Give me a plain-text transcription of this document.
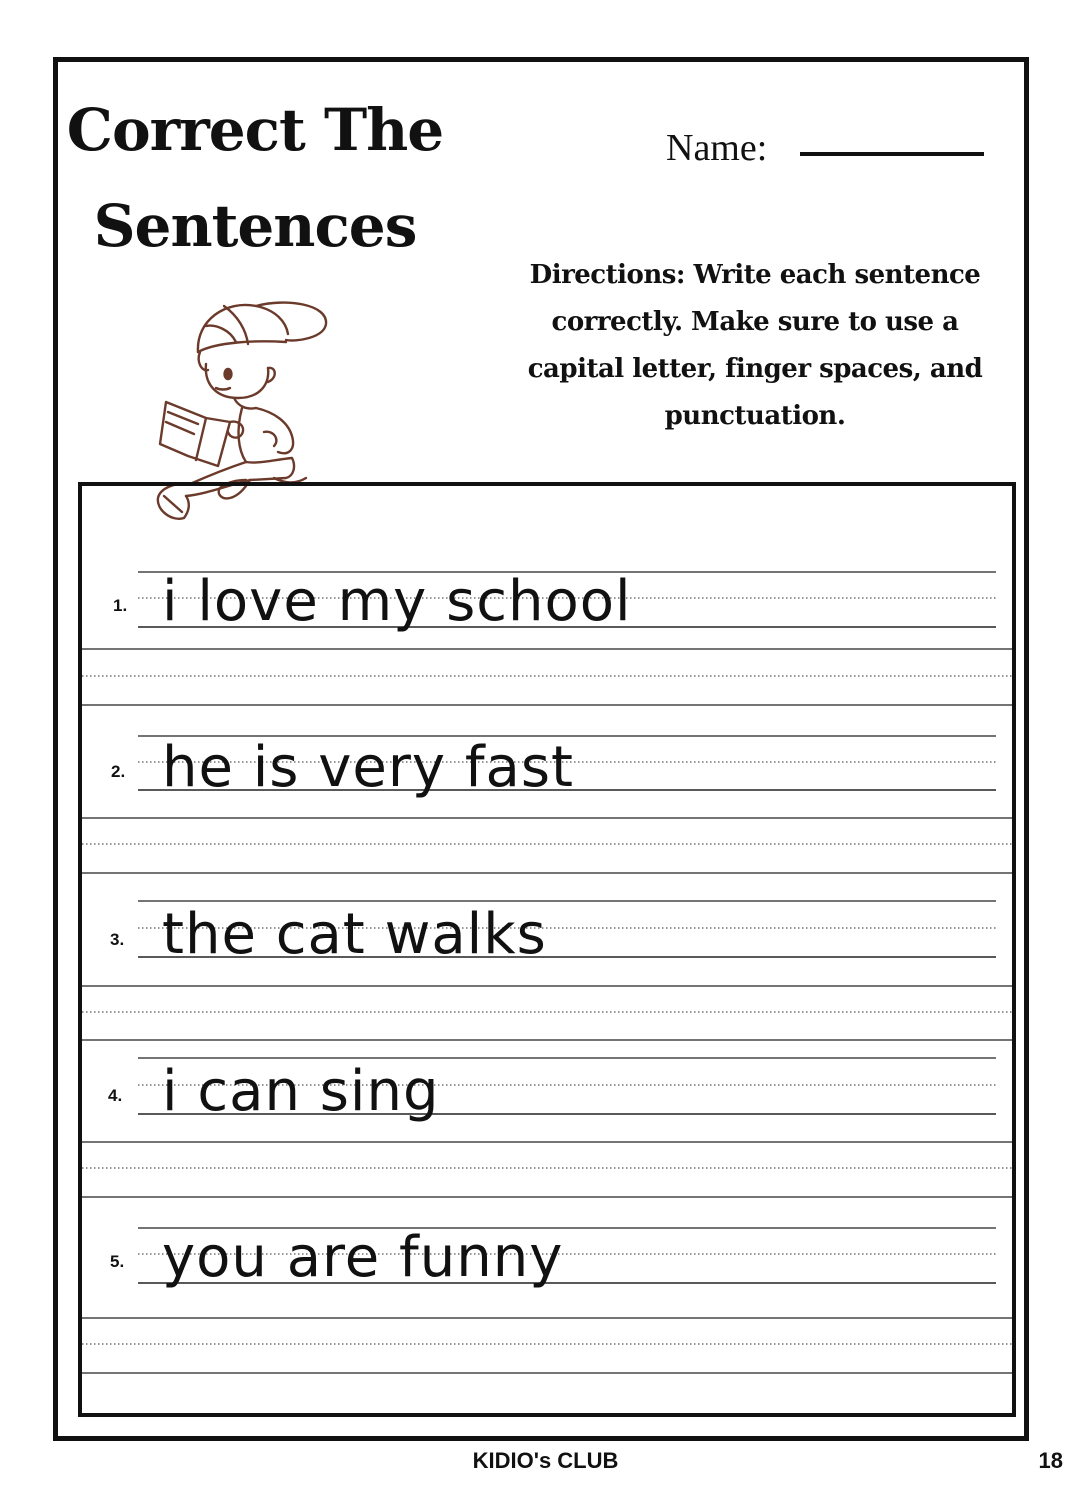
Correct The
Sentences
Name:

Directions: Write each sentence correctly. Make sure to use a capital letter, finger spaces, and punctuation.

1. i love my school
2. he is very fast
3. the cat walks
4. i can sing
5. you are funny
KIDIO's CLUB	18
